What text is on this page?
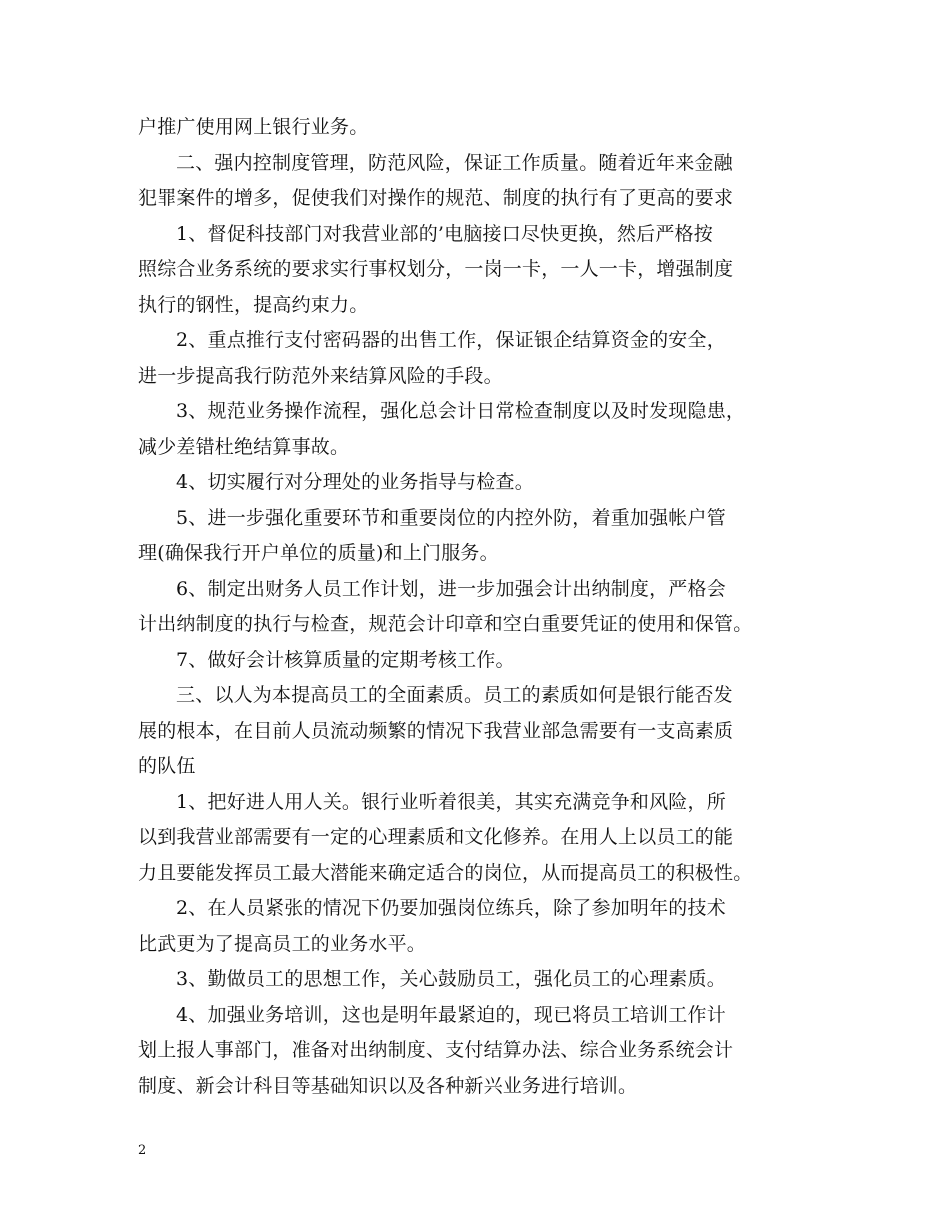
户推广使用网上银行业务。
二、强内控制度管理，防范风险，保证工作质量。随着近年来金融
犯罪案件的增多，促使我们对操作的规范、制度的执行有了更高的要求
1、督促科技部门对我营业部的’电脑接口尽快更换，然后严格按
照综合业务系统的要求实行事权划分，一岗一卡，一人一卡，增强制度
执行的钢性，提高约束力。
2、重点推行支付密码器的出售工作，保证银企结算资金的安全，
进一步提高我行防范外来结算风险的手段。
3、规范业务操作流程，强化总会计日常检查制度以及时发现隐患，
减少差错杜绝结算事故。
4、切实履行对分理处的业务指导与检查。
5、进一步强化重要环节和重要岗位的内控外防，着重加强帐户管
理(确保我行开户单位的质量)和上门服务。
6、制定出财务人员工作计划，进一步加强会计出纳制度，严格会
计出纳制度的执行与检查，规范会计印章和空白重要凭证的使用和保管。
7、做好会计核算质量的定期考核工作。
三、以人为本提高员工的全面素质。员工的素质如何是银行能否发
展的根本，在目前人员流动频繁的情况下我营业部急需要有一支高素质
的队伍
1、把好进人用人关。银行业听着很美，其实充满竞争和风险，所
以到我营业部需要有一定的心理素质和文化修养。在用人上以员工的能
力且要能发挥员工最大潜能来确定适合的岗位，从而提高员工的积极性。
2、在人员紧张的情况下仍要加强岗位练兵，除了参加明年的技术
比武更为了提高员工的业务水平。
3、勤做员工的思想工作，关心鼓励员工，强化员工的心理素质。
4、加强业务培训，这也是明年最紧迫的，现已将员工培训工作计
划上报人事部门，准备对出纳制度、支付结算办法、综合业务系统会计
制度、新会计科目等基础知识以及各种新兴业务进行培训。
2
